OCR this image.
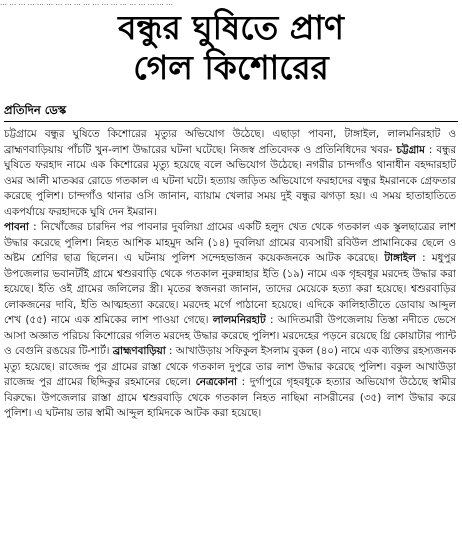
… … … … … … … … … … … … … … … … … … …
বন্ধুর ঘুষিতে প্রাণ
গেল কিশোরের
প্রতিদিন ডেস্ক

চট্টগ্রামে বন্ধুর ঘুষিতে কিশোরের মৃত্যুর অভিযোগ উঠেছে। এছাড়া পাবনা, টাঙ্গাইল, লালমনিরহাট ও ব্রাহ্মণবাড়িয়ায় পাঁচটি খুন-লাশ উদ্ধারের ঘটনা ঘটেছে। নিজস্ব প্রতিবেদক ও প্রতিনিধিদের খবর- চট্টগ্রাম : বন্ধুর ঘুষিতে ফরহাদ নামে এক কিশোরের মৃত্যু হয়েছে বলে অভিযোগ উঠেছে। নগরীর চান্দগাঁও থানাধীন বহদ্দারহাট ওমর আলী মাতব্বর রোডে গতকাল এ ঘটনা ঘটে। হত্যায় জড়িত অভিযোগে ফরহাদের বন্ধুর ইমরানকে গ্রেফতার করেছে পুলিশ। চান্দগাঁও থানার ওসি জানান, ব্যায়াম খেলার সময় দুই বন্ধুর ঝগড়া হয়। এ সময় হাতাহাতিতে একপর্যায়ে ফরহাদকে ঘুষি দেন ইমরান।

পাবনা : নিখোঁজের চারদিন পর পাবনার দুবলিয়া গ্রামের একটি হলুদ খেত থেকে গতকাল এক স্কুলছাত্রের লাশ উদ্ধার করেছে পুলিশ। নিহত আশিক মাহমুদ অনি (১৪) দুবলিয়া গ্রামের ব্যবসায়ী রবিউল প্রামানিকের ছেলে ও অষ্টম শ্রেণির ছাত্র ছিলেন। এ ঘটনায় পুলিশ সন্দেহভাজন কয়েকজনকে আটক করেছে। টাঙ্গাইল : মধুপুর উপজেলার ভবানটাঁই গ্রামে শ্বশুরবাড়ি থেকে গতকাল নুরুন্নাহার ইতি (১৯) নামে এক গৃহবধূর মরদেহ উদ্ধার করা হয়েছে। ইতি ওই গ্রামের জলিলের স্ত্রী। মৃতের স্বজনরা জানান, তাদের মেয়েকে হত্যা করা হয়েছে। শ্বশুরবাড়ির লোকজনের দাবি, ইতি আত্মহত্যা করেছে। মরদেহ মর্গে পাঠানো হয়েছে। এদিকে কালিহাতীতে ডোবায় আব্দুল শেখ (৫৫) নামে এক শ্রমিকের লাশ পাওয়া গেছে। লালমনিরহাট : আদিতমারী উপজেলায় তিস্তা নদীতে ভেসে আসা অজ্ঞাত পরিচয় কিশোরের গলিত মরদেহ উদ্ধার করেছে পুলিশ। মরদেহের পড়নে রয়েছে থ্রি কোয়াটার প্যান্ট ও বেগুনি রঙয়ের টি-শার্ট। ব্রাহ্মণবাড়িয়া : আখাউড়ায় সফিকুল ইসলাম বুকল (৪০) নামে এক ব্যক্তির রহস্যজনক মৃত্যু হয়েছে। রাজেন্দ্র পুর গ্রামের রাস্তা থেকে গতকাল দুপুরে তার লাশ উদ্ধার করেছে পুলিশ। বকুল আখাউড়া রাজেন্দ্র পুর গ্রামের ছিদ্দিকুর রহমানের ছেলে। নেত্রকোনা : দুর্গাপুরে গৃহবধূকে হত্যার অভিযোগ উঠেছে স্বামীর বিরুদ্ধে। উপজেলার রাস্তা গ্রামে শ্বশুরবাড়ি থেকে গতকাল নিহত নাছিমা নাসরীনের (৩৫) লাশ উদ্ধার করে পুলিশ। এ ঘটনায় তার স্বামী আব্দুল হামিদকে আটক করা হয়েছে।
